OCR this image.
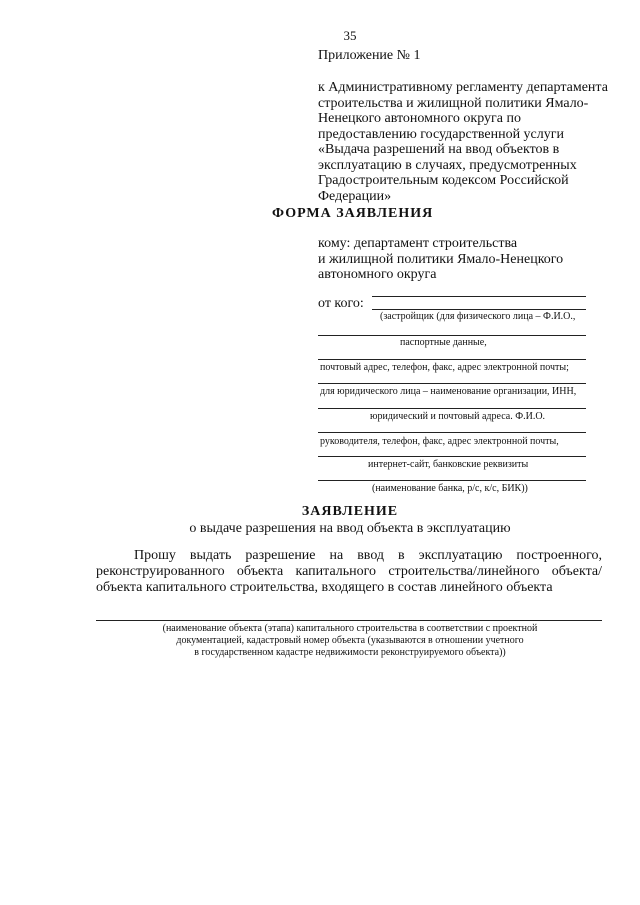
35
Приложение № 1
к Административному регламенту департамента строительства и жилищной политики Ямало-Ненецкого автономного округа по предоставлению государственной услуги «Выдача разрешений на ввод объектов в эксплуатацию в случаях, предусмотренных Градостроительным кодексом Российской Федерации»
ФОРМА ЗАЯВЛЕНИЯ
кому: департамент строительства
и жилищной политики Ямало-Ненецкого
автономного округа
от кого:
(застройщик (для физического лица – Ф.И.О.,
паспортные данные,
почтовый адрес, телефон, факс, адрес электронной почты;
для юридического лица – наименование организации, ИНН,
юридический и почтовый адреса. Ф.И.О.
руководителя, телефон, факс, адрес электронной почты,
интернет-сайт, банковские реквизиты
(наименование банка, р/с, к/с, БИК))
ЗАЯВЛЕНИЕ
о выдаче разрешения на ввод объекта в эксплуатацию
Прошу выдать разрешение на ввод в эксплуатацию построенного, реконструированного объекта капитального строительства/линейного объекта/объекта капитального строительства, входящего в состав линейного объекта
(наименование объекта (этапа) капитального строительства в соответствии с проектной
документацией, кадастровый номер объекта (указываются в отношении учетного
в государственном кадастре недвижимости реконструируемого объекта))
